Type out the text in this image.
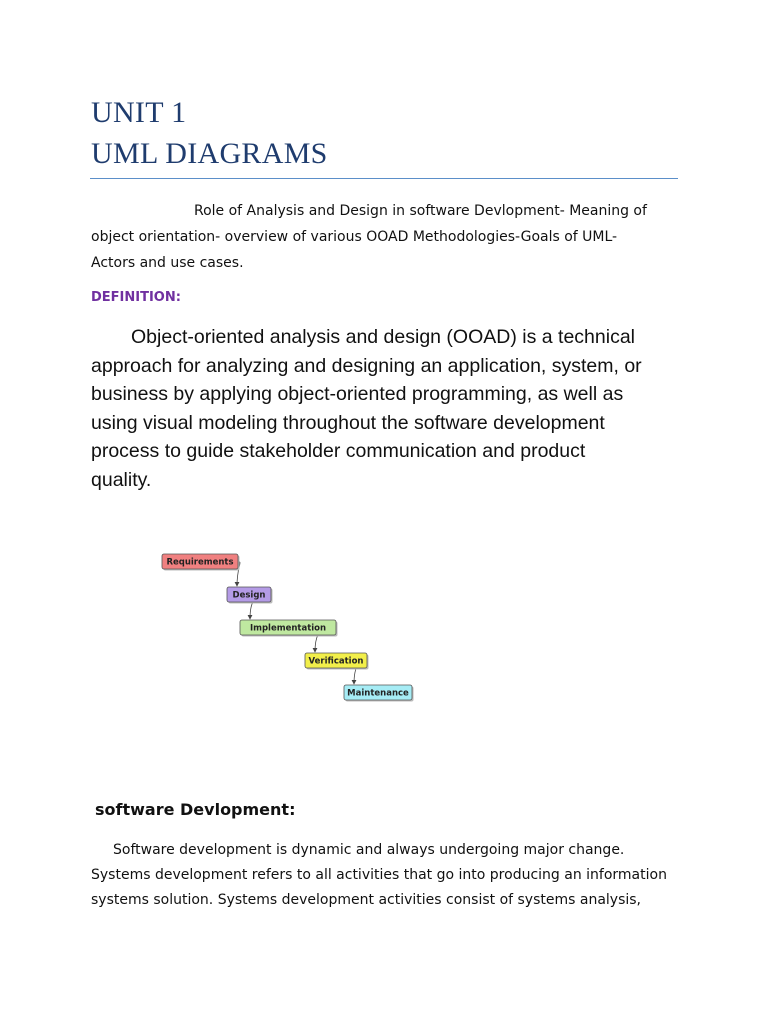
UNIT 1
UML DIAGRAMS
Role of Analysis and Design in software Devlopment- Meaning of
object orientation- overview of various OOAD Methodologies-Goals of UML-
Actors and use cases.
DEFINITION:
Object-oriented analysis and design (OOAD) is a technical
approach for analyzing and designing an application, system, or
business by applying object-oriented programming, as well as
using visual modeling throughout the software development
process to guide stakeholder communication and product
quality.
Requirements
Design
Implementation
Verification
Maintenance
software Devlopment:
Software development is dynamic and always undergoing major change.
Systems development refers to all activities that go into producing an information
systems solution. Systems development activities consist of systems analysis,
